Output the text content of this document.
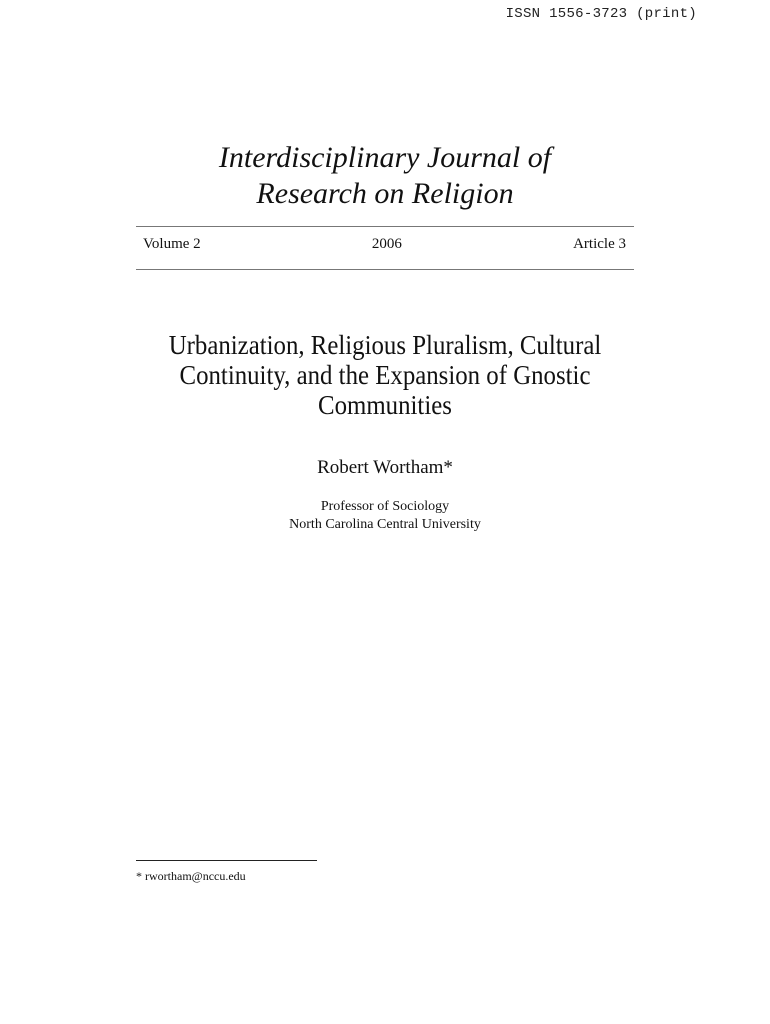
ISSN 1556-3723 (print)
Interdisciplinary Journal of
Research on Religion
Volume 2	2006	Article 3
Urbanization, Religious Pluralism, Cultural
Continuity, and the Expansion of Gnostic
Communities
Robert Wortham*
Professor of Sociology
North Carolina Central University
* rwortham@nccu.edu
